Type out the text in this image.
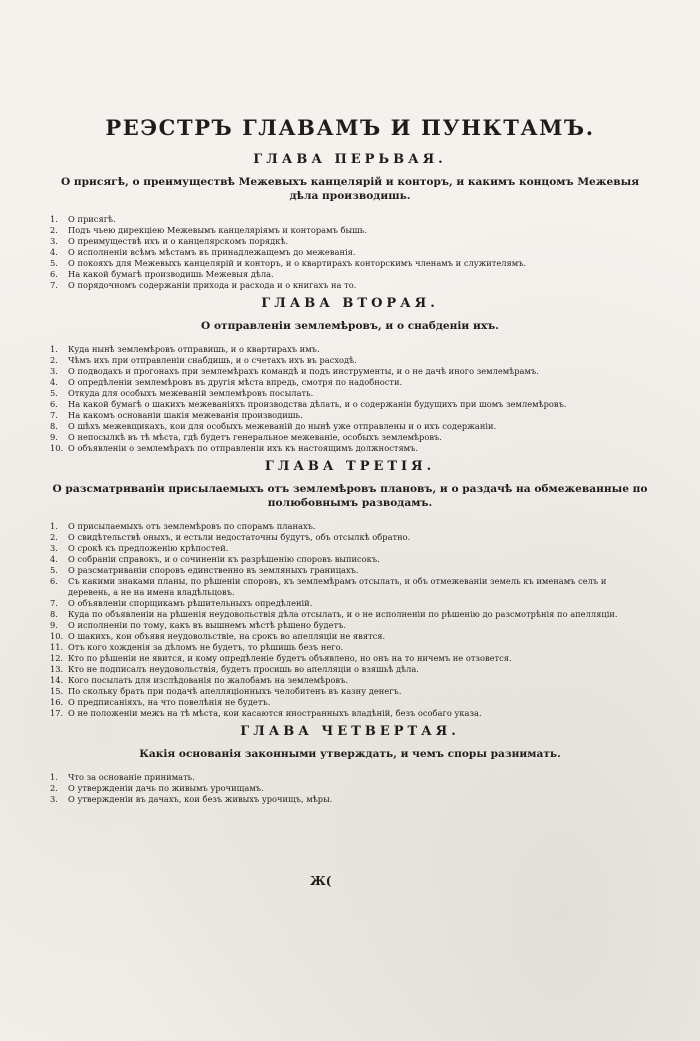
РЕЭСТРЪ ГЛАВАМЪ И ПУНКТАМЪ.
ГЛАВА ПЕРЬВАЯ.
О присягѣ, о преимуществѣ Межевыхъ канцелярiй и конторъ, и какимъ концомъ Межевыя дѣла производишь.
1.	О присягѣ.
2.	Подъ чьею дирекцiею Межевымъ канцелярiямъ и конторамъ бышь.
3.	О преимуществѣ ихъ и о канцелярскомъ порядкѣ.
4.	О исполненiи всѣмъ мѣстамъ въ принадлежащемъ до межеванiя.
5.	О покояхъ для Межевыхъ канцелярiй и конторъ, и о квартирахъ конторскимъ членамъ и служителямъ.
6.	На какой бумагѣ производишь Межевыя дѣла.
7.	О порядочномъ содержанiи прихода и расхода и о книгахъ на то.
ГЛАВА ВТОРАЯ.
О отправленiи землемѣровъ, и о снабденiи ихъ.
1.	Куда нынѣ землемѣровъ отправишь, и о квартирахъ имъ.
2.	Чѣмъ ихъ при отправленiи снабдишь, и о счетахъ ихъ въ расходѣ.
3.	О подводахъ и прогонахъ при землемѣрахъ командѣ и подъ инструменты, и о не дачѣ иного землемѣрамъ.
4.	О опредѣленiи землемѣровъ въ другiя мѣста впредь, смотря по надобности.
5.	Откуда для особыхъ межеванiй землемѣровъ посылать.
6.	На какой бумагѣ о шакихъ межеванiяхъ производства дѣлать, и о содержанiи будущихъ при шомъ землемѣровъ.
7.	На какомъ основанiи шакiя межеванiя производишь.
8.	О шѣхъ межевщикахъ, кои для особыхъ межеванiй до нынѣ уже отправлены и о ихъ содержанiи.
9.	О непосылкѣ въ тѣ мѣста, гдѣ будетъ генеральное межеванiе, особыхъ землемѣровъ.
10. О объявленiи о землемѣрахъ по отправленiи ихъ къ настоящимъ должностямъ.
ГЛАВА ТРЕТIЯ.
О разсматриванiи присылаемыхъ отъ землемѣровъ плановъ, и о раздачѣ на обмежеванные по полюбовнымъ разводамъ.
1.	О присылаемыхъ отъ землемѣровъ по спорамъ планахъ.
2.	О свидѣтельствѣ оныхъ, и естьли недостаточны будутъ, объ отсылкѣ обратно.
3.	О срокѣ къ предложенiю крѣпостей.
4.	О собранiи справокъ, и о сочиненiи къ разрѣшенiю споровъ выписокъ.
5.	О разсматриванiи споровъ единственно въ земляныхъ границахъ.
6.	Съ какими знаками планы, по рѣшенiи споровъ, къ землемѣрамъ отсылать, и объ отмежеванiи земель къ именамъ селъ и деревень, а не на имена владѣльцовъ.
7.	О объявленiи спорщикамъ рѣшительныхъ опредѣленiй.
8.	Куда по объявленiи на рѣшенiя неудовольствiя дѣла отсылать, и о не исполненiи по рѣшенiю до разсмотрѣнiя по апелляцiи.
9.	О исполненiи по тому, какъ въ вышнемъ мѣстѣ рѣшено будетъ.
10. О шакихъ, кои объявя неудовольствiе, на срокъ во апелляцiи не явятся.
11. Отъ кого хожденiя за дѣломъ не будетъ, то рѣшишь безъ него.
12. Кто по рѣшенiи не явится, и кому опредѣленiе будетъ объявлено, но онъ на то ничемъ не отзовется.
13. Кто не подписалъ неудовольствiя, будетъ просишь во апелляцiи о взяшьѣ дѣла.
14. Кого посылать для изслѣдованiя по жалобамъ на землемѣровъ.
15. По скольку брать при подачѣ апелляцiонныхъ челобитенъ въ казну денегъ.
16. О предписанiяхъ, на что повелѣнiя не будетъ.
17. О не положенiи межъ на тѣ мѣста, кои касаются иностранныхъ владѣнiй, безъ особаго указа.
ГЛАВА ЧЕТВЕРТАЯ.
Какiя основанiя законными утверждать, и чемъ споры разнимать.
1.	Что за основанiе принимать.
2.	О утвержденiи дачь по живымъ урочищамъ.
3.	О утвержденiи въ дачахъ, кои безъ живыхъ урочищъ, мѣры.
Ж(
